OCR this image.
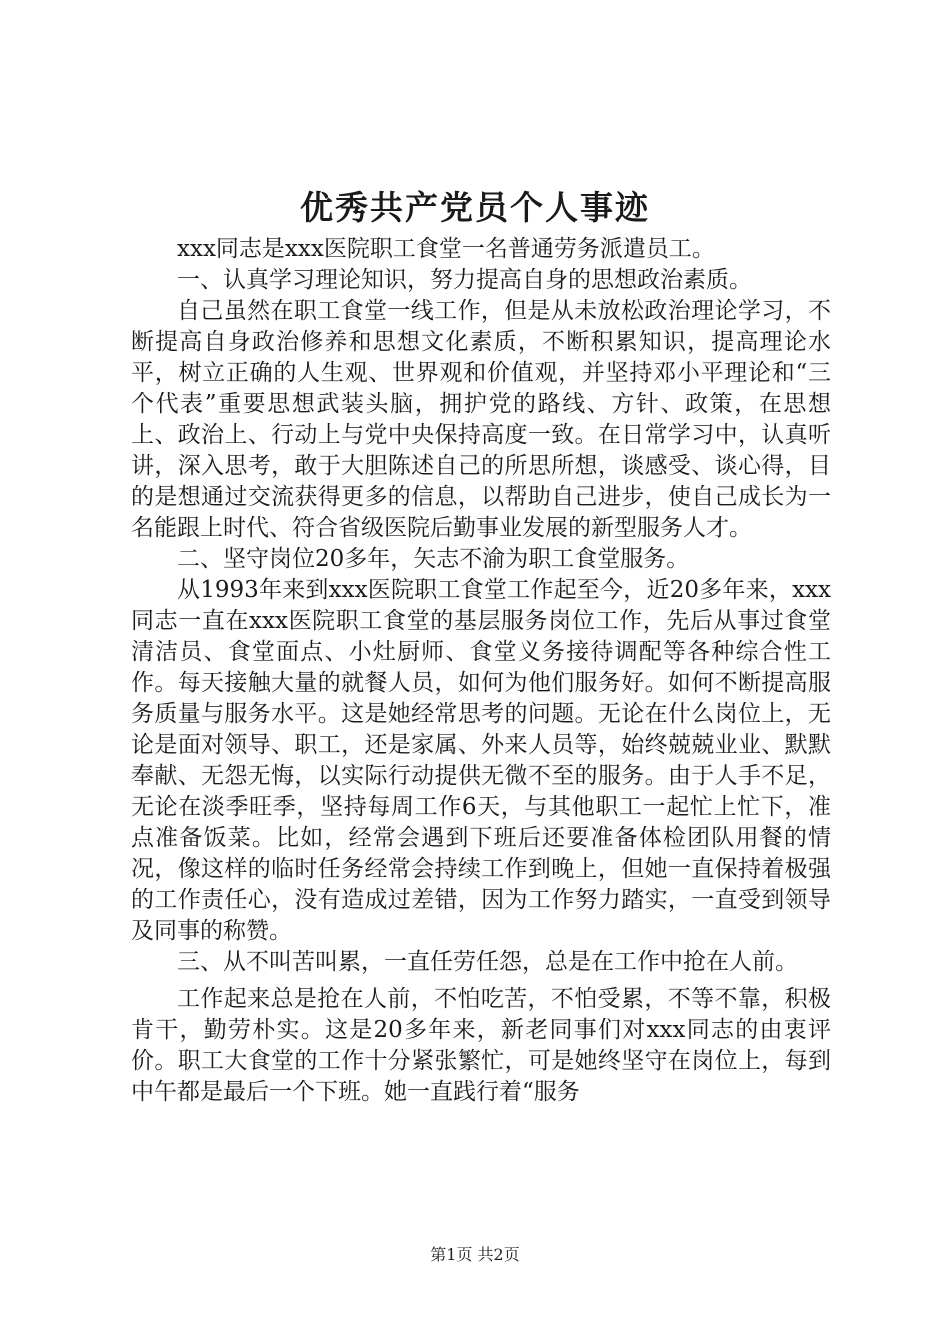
优秀共产党员个人事迹

xxx同志是xxx医院职工食堂一名普通劳务派遣员工。

一、认真学习理论知识，努力提高自身的思想政治素质。

自己虽然在职工食堂一线工作，但是从未放松政治理论学习，不断提高自身政治修养和思想文化素质，不断积累知识，提高理论水平，树立正确的人生观、世界观和价值观，并坚持邓小平理论和“三个代表”重要思想武装头脑，拥护党的路线、方针、政策，在思想上、政治上、行动上与党中央保持高度一致。在日常学习中，认真听讲，深入思考，敢于大胆陈述自己的所思所想，谈感受、谈心得，目的是想通过交流获得更多的信息，以帮助自己进步，使自己成长为一名能跟上时代、符合省级医院后勤事业发展的新型服务人才。

二、坚守岗位20多年，矢志不渝为职工食堂服务。

从1993年来到xxx医院职工食堂工作起至今，近20多年来，xxx同志一直在xxx医院职工食堂的基层服务岗位工作，先后从事过食堂清洁员、食堂面点、小灶厨师、食堂义务接待调配等各种综合性工作。每天接触大量的就餐人员，如何为他们服务好。如何不断提高服务质量与服务水平。这是她经常思考的问题。无论在什么岗位上，无论是面对领导、职工，还是家属、外来人员等，始终兢兢业业、默默奉献、无怨无悔，以实际行动提供无微不至的服务。由于人手不足，无论在淡季旺季，坚持每周工作6天，与其他职工一起忙上忙下，准点准备饭菜。比如，经常会遇到下班后还要准备体检团队用餐的情况，像这样的临时任务经常会持续工作到晚上，但她一直保持着极强的工作责任心，没有造成过差错，因为工作努力踏实，一直受到领导及同事的称赞。

三、从不叫苦叫累，一直任劳任怨，总是在工作中抢在人前。

工作起来总是抢在人前，不怕吃苦，不怕受累，不等不靠，积极肯干，勤劳朴实。这是20多年来，新老同事们对xxx同志的由衷评价。职工大食堂的工作十分紧张繁忙，可是她终坚守在岗位上，每到中午都是最后一个下班。她一直践行着“服务

第1页 共2页
